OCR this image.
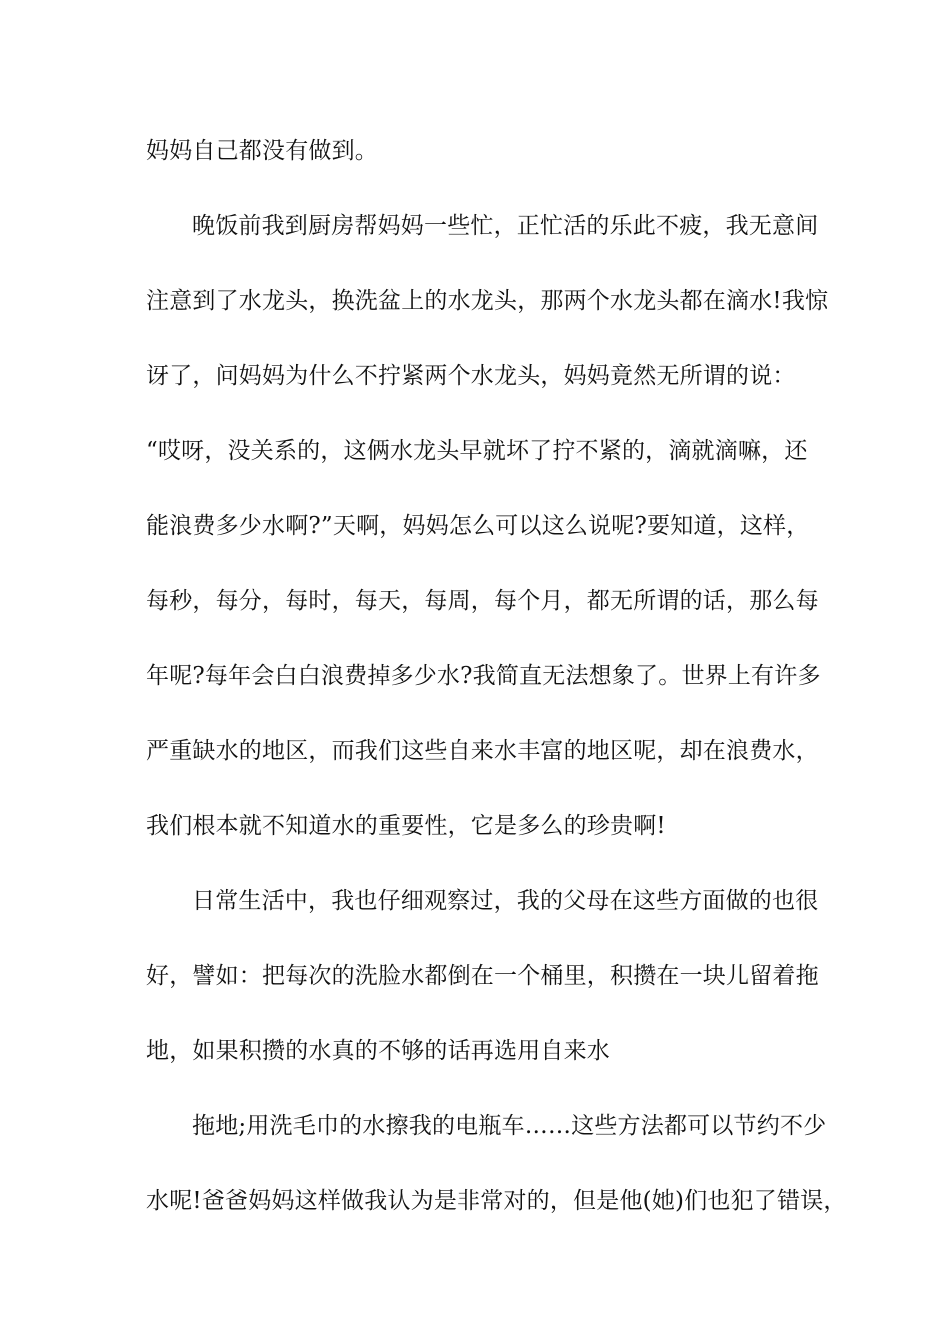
妈妈自己都没有做到。
晚饭前我到厨房帮妈妈一些忙，正忙活的乐此不疲，我无意间
注意到了水龙头，换洗盆上的水龙头，那两个水龙头都在滴水!我惊
讶了，问妈妈为什么不拧紧两个水龙头，妈妈竟然无所谓的说：
“哎呀，没关系的，这俩水龙头早就坏了拧不紧的，滴就滴嘛，还
能浪费多少水啊?”天啊，妈妈怎么可以这么说呢?要知道，这样，
每秒，每分，每时，每天，每周，每个月，都无所谓的话，那么每
年呢?每年会白白浪费掉多少水?我简直无法想象了。世界上有许多
严重缺水的地区，而我们这些自来水丰富的地区呢，却在浪费水，
我们根本就不知道水的重要性，它是多么的珍贵啊!
日常生活中，我也仔细观察过，我的父母在这些方面做的也很
好，譬如：把每次的洗脸水都倒在一个桶里，积攒在一块儿留着拖
地，如果积攒的水真的不够的话再选用自来水
拖地;用洗毛巾的水擦我的电瓶车……这些方法都可以节约不少
水呢!爸爸妈妈这样做我认为是非常对的，但是他(她)们也犯了错误，
